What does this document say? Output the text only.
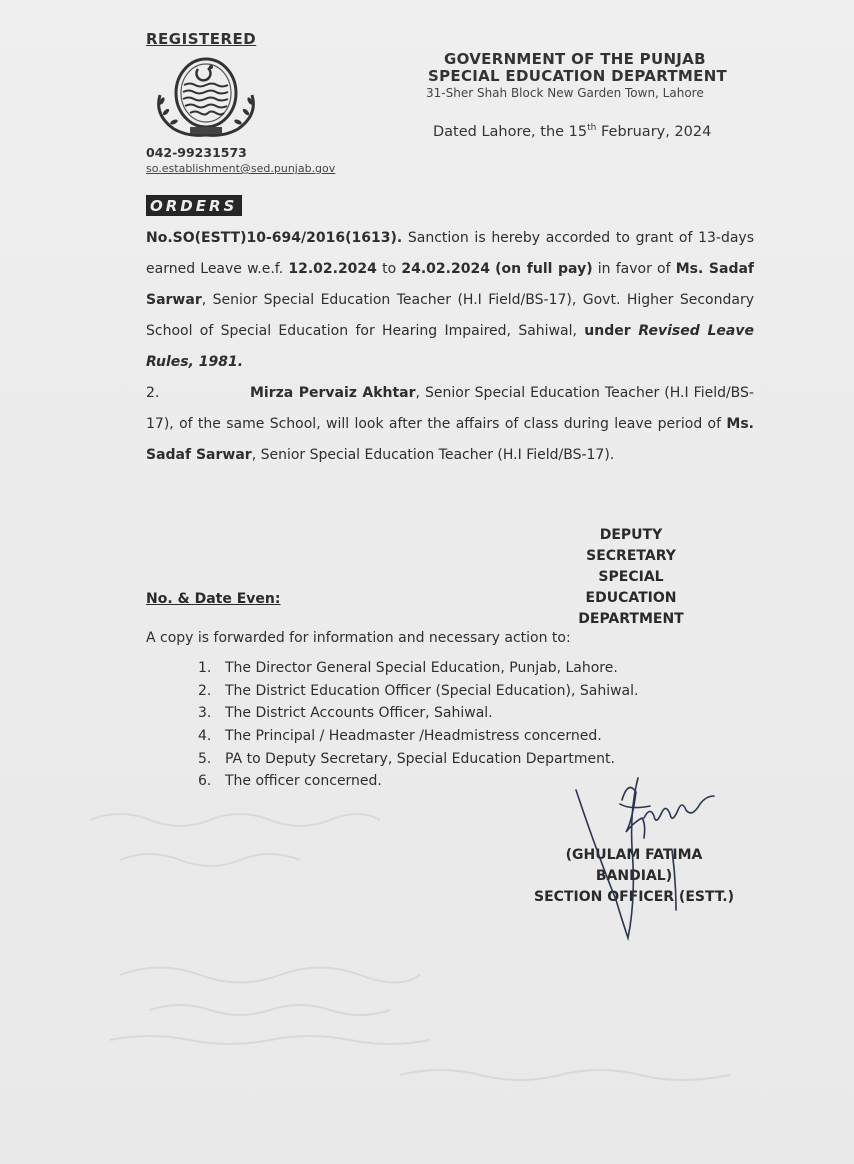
REGISTERED
042-99231573
so.establishment@sed.punjab.gov
GOVERNMENT OF THE PUNJAB
SPECIAL EDUCATION DEPARTMENT
31-Sher Shah Block New Garden Town, Lahore
Dated Lahore, the 15th February, 2024
ORDERS
No.SO(ESTT)10-694/2016(1613). Sanction is hereby accorded to grant of 13-days earned Leave w.e.f. 12.02.2024 to 24.02.2024 (on full pay) in favor of Ms. Sadaf Sarwar, Senior Special Education Teacher (H.I Field/BS-17), Govt. Higher Secondary School of Special Education for Hearing Impaired, Sahiwal, under Revised Leave Rules, 1981.
2.	Mirza Pervaiz Akhtar, Senior Special Education Teacher (H.I Field/BS-17), of the same School, will look after the affairs of class during leave period of Ms. Sadaf Sarwar, Senior Special Education Teacher (H.I Field/BS-17).
DEPUTY SECRETARY
SPECIAL EDUCATION
DEPARTMENT
No. & Date Even:
A copy is forwarded for information and necessary action to:
1. The Director General Special Education, Punjab, Lahore.
2. The District Education Officer (Special Education), Sahiwal.
3. The District Accounts Officer, Sahiwal.
4. The Principal / Headmaster /Headmistress concerned.
5. PA to Deputy Secretary, Special Education Department.
6. The officer concerned.
(GHULAM FATIMA BANDIAL)
SECTION OFFICER (ESTT.)
